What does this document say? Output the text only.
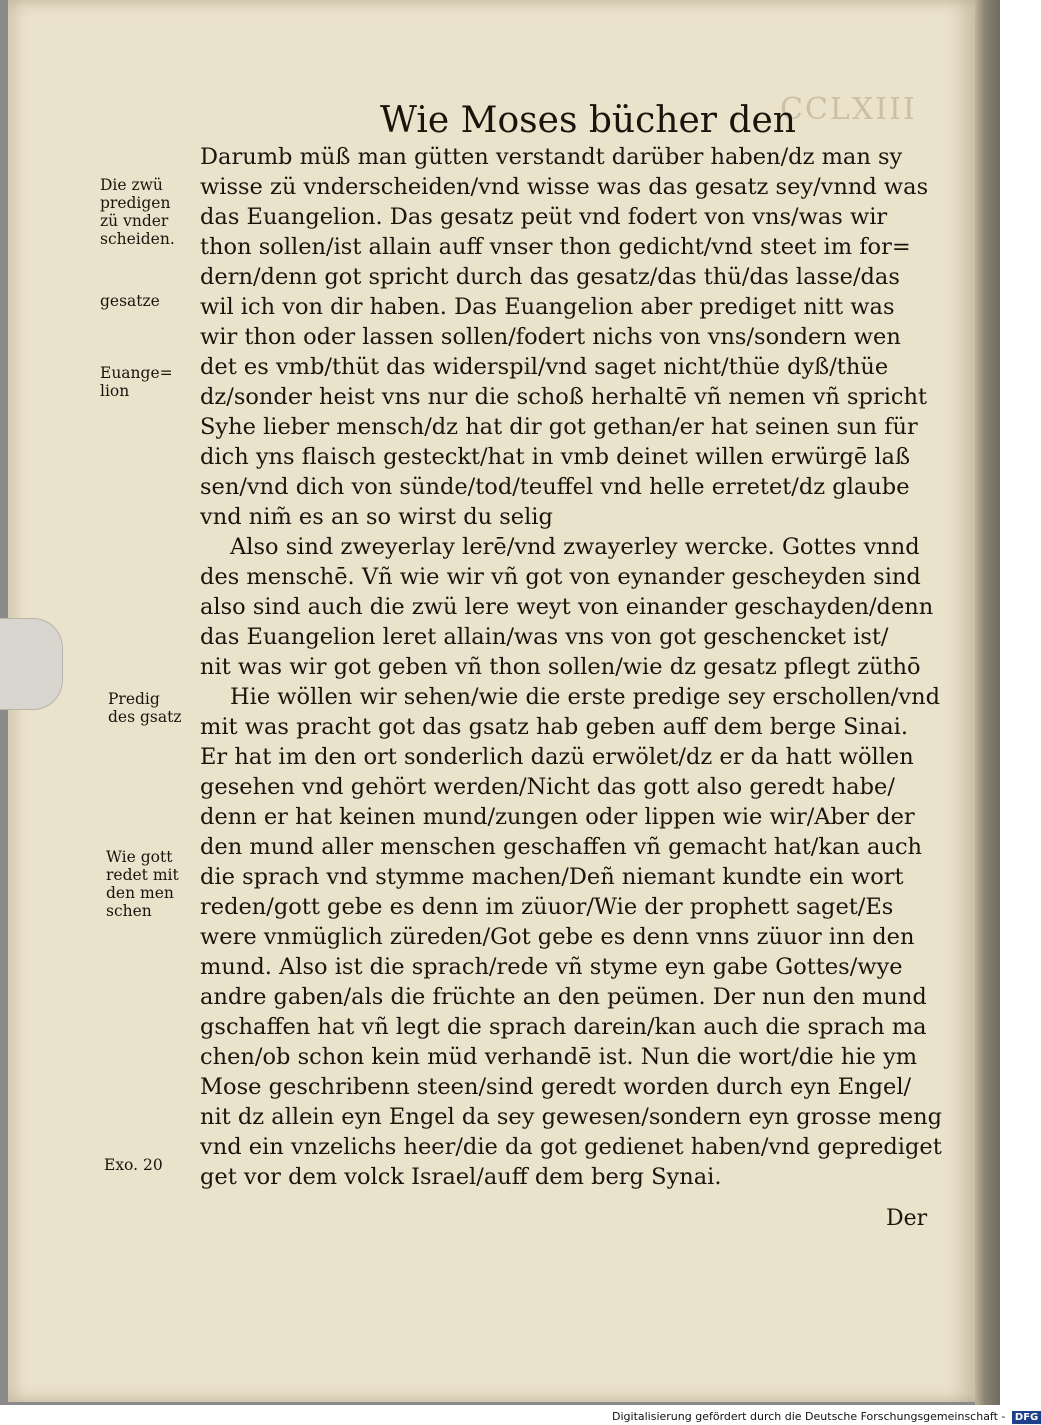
CCLXIII
Wie Moses bücher den
Die zwü
predigen
zü vnder
scheiden.
gesatze
Euange=
lion
Predig
des gsatz
Wie gott
redet mit
den men
schen
Exo. 20
Darumb müß man gütten verstandt darüber haben/dz man sy
wisse zü vnderscheiden/vnd wisse was das gesatz sey/vnnd was
das Euangelion. Das gesatz peüt vnd fodert von vns/was wir
thon sollen/ist allain auff vnser thon gedicht/vnd steet im for=
dern/denn got spricht durch das gesatz/das thü/das lasse/das
wil ich von dir haben. Das Euangelion aber prediget nitt was
wir thon oder lassen sollen/fodert nichs von vns/sondern wen
det es vmb/thüt das widerspil/vnd saget nicht/thüe dyß/thüe
dz/sonder heist vns nur die schoß herhaltē vñ nemen vñ spricht
Syhe lieber mensch/dz hat dir got gethan/er hat seinen sun für
dich yns flaisch gesteckt/hat in vmb deinet willen erwürgē laß
sen/vnd dich von sünde/tod/teuffel vnd helle erretet/dz glaube
vnd nim̃ es an so wirst du selig
Also sind zweyerlay lerē/vnd zwayerley wercke. Gottes vnnd
des menschē. Vñ wie wir vñ got von eynander gescheyden sind
also sind auch die zwü lere weyt von einander geschayden/denn
das Euangelion leret allain/was vns von got geschencket ist/
nit was wir got geben vñ thon sollen/wie dz gesatz pflegt züthō
Hie wöllen wir sehen/wie die erste predige sey erschollen/vnd
mit was pracht got das gsatz hab geben auff dem berge Sinai.
Er hat im den ort sonderlich dazü erwölet/dz er da hatt wöllen
gesehen vnd gehört werden/Nicht das gott also geredt habe/
denn er hat keinen mund/zungen oder lippen wie wir/Aber der
den mund aller menschen geschaffen vñ gemacht hat/kan auch
die sprach vnd stymme machen/Deñ niemant kundte ein wort
reden/gott gebe es denn im züuor/Wie der prophett saget/Es
were vnmüglich züreden/Got gebe es denn vnns züuor inn den
mund. Also ist die sprach/rede vñ styme eyn gabe Gottes/wye
andre gaben/als die früchte an den peümen. Der nun den mund
gschaffen hat vñ legt die sprach darein/kan auch die sprach ma
chen/ob schon kein müd verhandē ist. Nun die wort/die hie ym
Mose geschribenn steen/sind geredt worden durch eyn Engel/
nit dz allein eyn Engel da sey gewesen/sondern eyn grosse meng
vnd ein vnzelichs heer/die da got gedienet haben/vnd geprediget
get vor dem volck Israel/auff dem berg Synai.
Der
Digitalisierung gefördert durch die Deutsche Forschungsgemeinschaft - DFG
